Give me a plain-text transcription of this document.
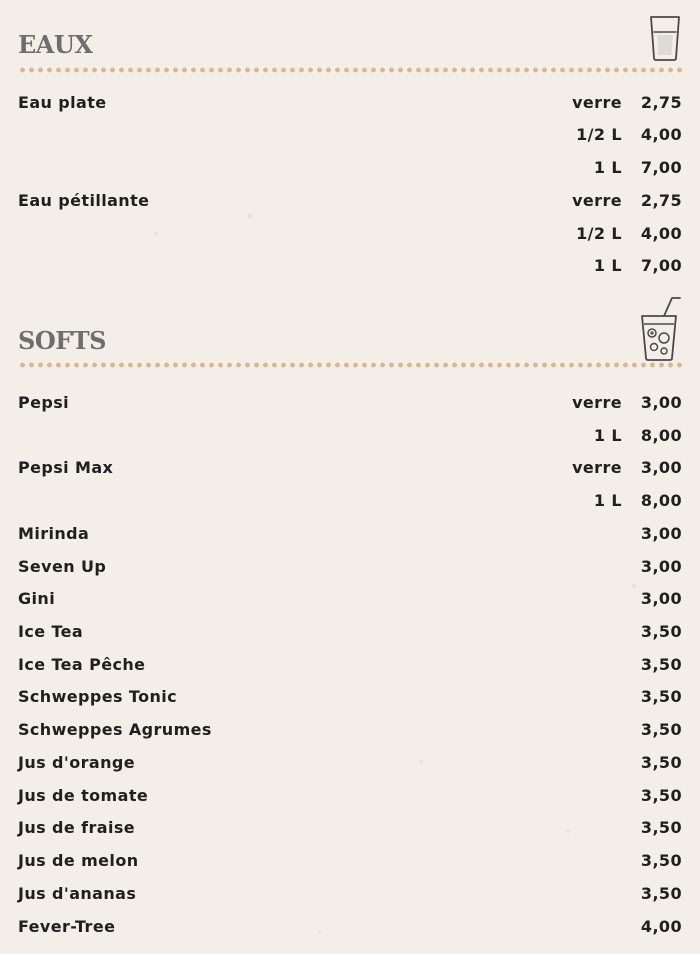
EAUX
Eau plate	verre 2,75
1/2 L 4,00
1 L 7,00
Eau pétillante	verre 2,75
1/2 L 4,00
1 L 7,00
SOFTS
Pepsi	verre 3,00
1 L 8,00
Pepsi Max	verre 3,00
1 L 8,00
Mirinda	3,00
Seven Up	3,00
Gini	3,00
Ice Tea	3,50
Ice Tea Pêche	3,50
Schweppes Tonic	3,50
Schweppes Agrumes	3,50
Jus d'orange	3,50
Jus de tomate	3,50
Jus de fraise	3,50
Jus de melon	3,50
Jus d'ananas	3,50
Fever-Tree	4,00
